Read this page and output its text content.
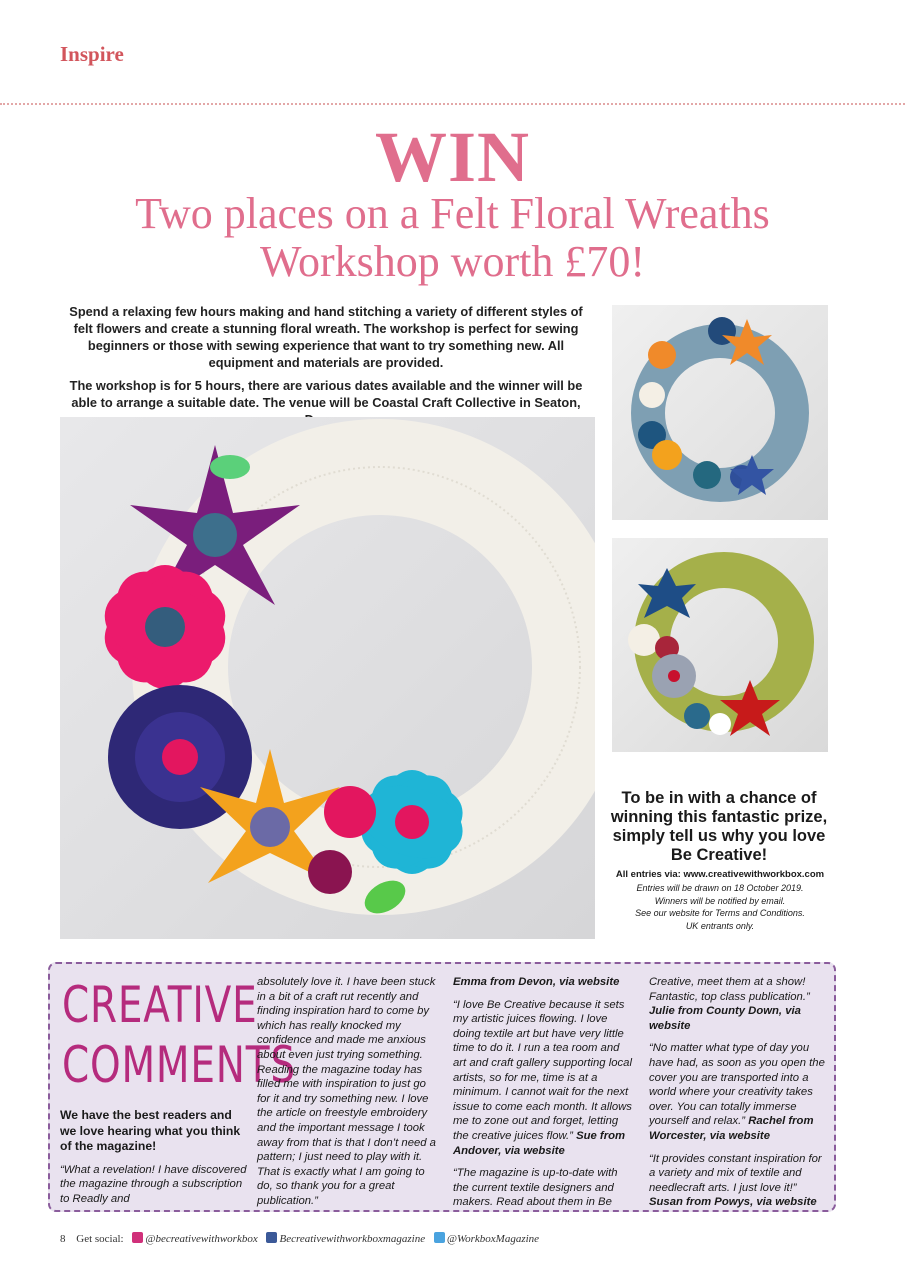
Inspire
WIN
Two places on a Felt Floral Wreaths Workshop worth £70!
Spend a relaxing few hours making and hand stitching a variety of different styles of felt flowers and create a stunning floral wreath. The workshop is perfect for sewing beginners or those with sewing experience that want to try something new. All equipment and materials are provided.
The workshop is for 5 hours, there are various dates available and the winner will be able to arrange a suitable date. The venue will be Coastal Craft Collective in Seaton,
To be in with a chance of winning this fantastic prize, simply tell us why you love Be Creative!
All entries via: www.creativewithworkbox.com
Entries will be drawn on 18 October 2019.
Winners will be notified by email.
See our website for Terms and Conditions.
UK entrants only.
CREATIVE
COMMENTS
We have the best readers and we love hearing what you think of the magazine!
“What a revelation! I have discovered the magazine through a subscription to Readly and

absolutely love it. I have been stuck in a bit of a craft rut recently and finding inspiration hard to come by which has really knocked my confidence and made me anxious about even just trying something. Reading the magazine today has filled me with inspiration to just go for it and try something new. I love the article on freestyle embroidery and the important message I took away from that is that I don’t need a pattern; I just need to play with it. That is exactly what I am going to do, so thank you for a great publication.”

Emma from Devon, via website

“I love Be Creative because it sets my artistic juices flowing. I love doing textile art but have very little time to do it. I run a tea room and art and craft gallery supporting local artists, so for me, time is at a minimum. I cannot wait for the next issue to come each month. It allows me to zone out and forget, letting the creative juices flow.” Sue from Andover, via website

“The magazine is up-to-date with the current textile designers and makers. Read about them in Be

Creative, meet them at a show! Fantastic, top class publication.”
Julie from County Down, via website

“No matter what type of day you have had, as soon as you open the cover you are transported into a world where your creativity takes over. You can totally immerse yourself and relax.” Rachel from Worcester, via website

“It provides constant inspiration for a variety and mix of textile and needlecraft arts. I just love it!”
Susan from Powys, via website

8 Get social: @becreativewithworkbox Becreativewithworkboxmagazine @WorkboxMagazine
